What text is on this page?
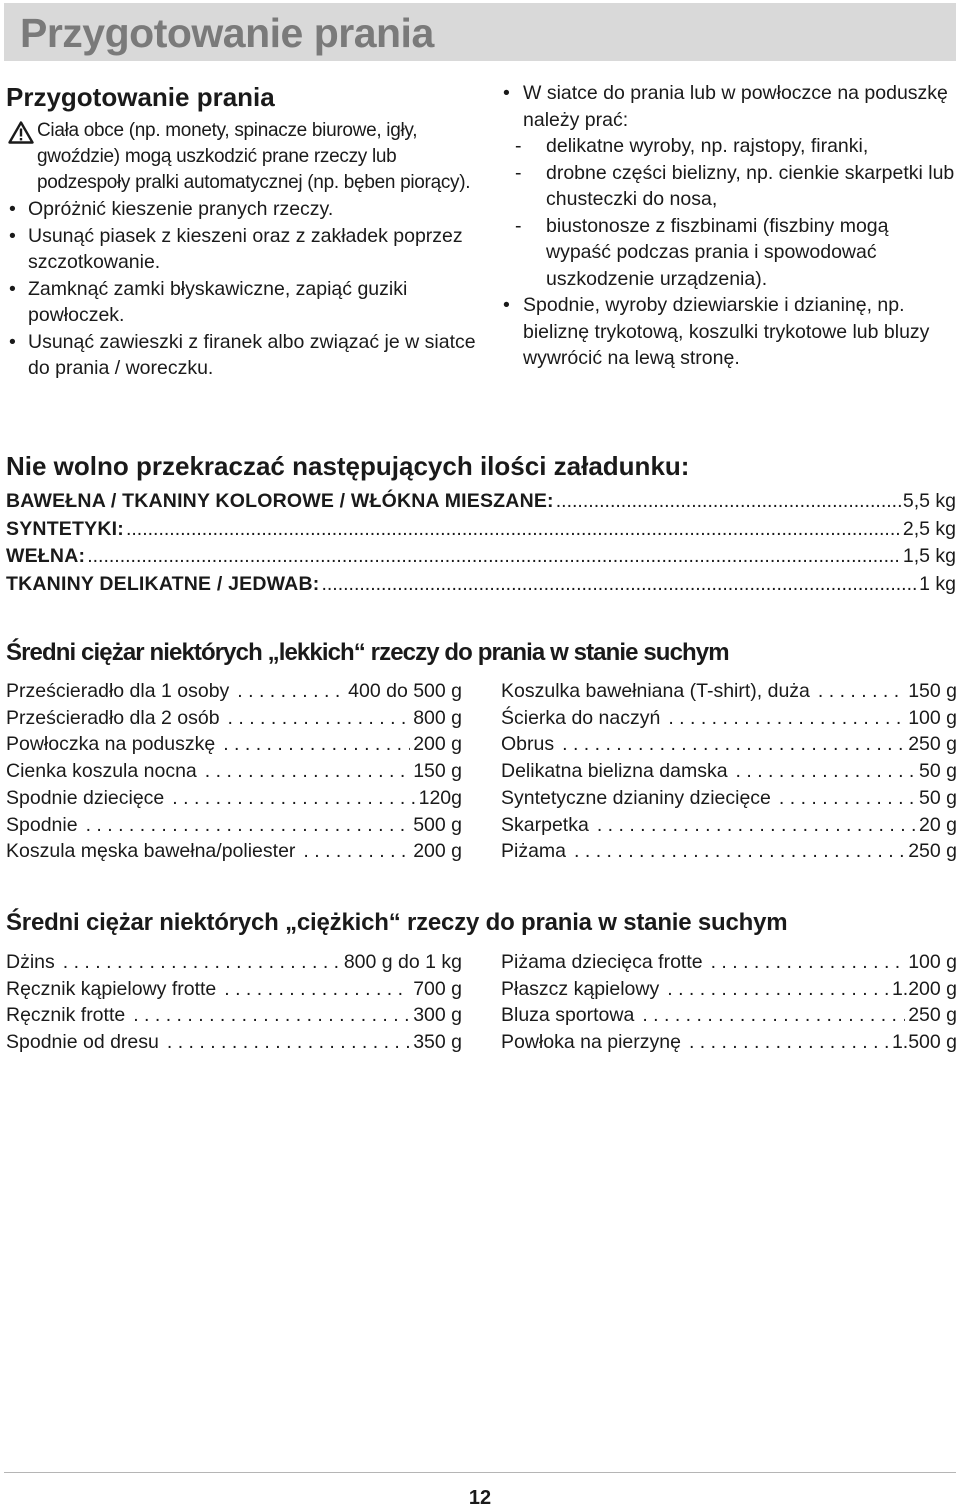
Przygotowanie prania
Przygotowanie prania
Ciała obce (np. monety, spinacze biurowe, igły, gwoździe) mogą uszkodzić prane rzeczy lub podzespoły pralki automatycznej (np. bęben piorący).
• Opróżnić kieszenie pranych rzeczy.
• Usunąć piasek z kieszeni oraz z zakładek poprzez szczotkowanie.
• Zamknąć zamki błyskawiczne, zapiąć guziki powłoczek.
• Usunąć zawieszki z firanek albo związać je w siatce do prania / woreczku.
• W siatce do prania lub w powłoczce na poduszkę należy prać:
- delikatne wyroby, np. rajstopy, firanki,
- drobne części bielizny, np. cienkie skarpetki lub chusteczki do nosa,
- biustonosze z fiszbinami (fiszbiny mogą wypaść podczas prania i spowodować uszkodzenie urządzenia).
• Spodnie, wyroby dziewiarskie i dzianinę, np. bieliznę trykotową, koszulki trykotowe lub bluzy wywrócić na lewą stronę.
Nie wolno przekraczać następujących ilości załadunku:
BAWEŁNA / TKANINY KOLOROWE / WŁÓKNA MIESZANE: .....	5,5 kg
SYNTETYKI: .....	2,5 kg
WEŁNA: .....	1,5 kg
TKANINY DELIKATNE / JEDWAB: .....	1 kg
Średni ciężar niektórych „lekkich“ rzeczy do prania w stanie suchym
Prześcieradło dla 1 osoby . . .	400 do 500 g
Prześcieradło dla 2 osób . . .	800 g
Powłoczka na poduszkę . . .	200 g
Cienka koszula nocna . . .	150 g
Spodnie dziecięce . . .	120g
Spodnie . . .	500 g
Koszula męska bawełna/poliester . . .	200 g
Koszulka bawełniana (T-shirt), duża . . .	150 g
Ścierka do naczyń . . .	100 g
Obrus . . .	250 g
Delikatna bielizna damska . . .	50 g
Syntetyczne dzianiny dziecięce . . .	50 g
Skarpetka . . .	20 g
Piżama . . .	250 g
Średni ciężar niektórych „ciężkich“ rzeczy do prania w stanie suchym
Dżins . . .	800 g do 1 kg
Ręcznik kąpielowy frotte . . .	700 g
Ręcznik frotte . . .	300 g
Spodnie od dresu . . .	350 g
Piżama dziecięca frotte . . .	100 g
Płaszcz kąpielowy . . .	1.200 g
Bluza sportowa . . .	250 g
Powłoka na pierzynę . . .	1.500 g
12
